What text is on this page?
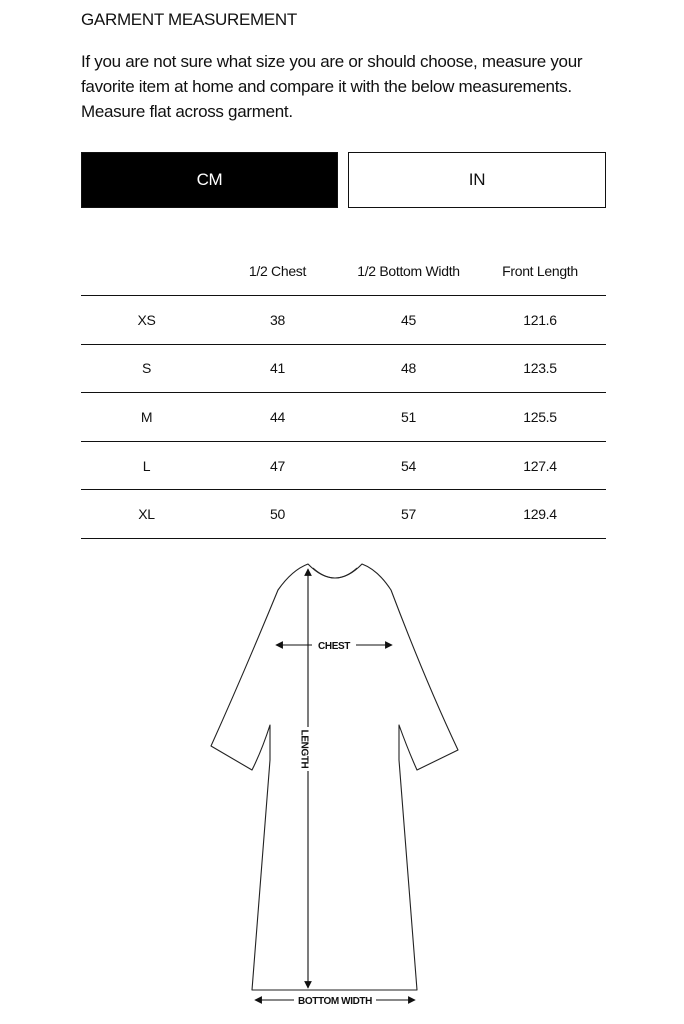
GARMENT MEASUREMENT
If you are not sure what size you are or should choose, measure your favorite item at home and compare it with the below measurements. Measure flat across garment.
CM	IN
	1/2 Chest	1/2 Bottom Width	Front Length
XS	38	45	121.6
S	41	48	123.5
M	44	51	125.5
L	47	54	127.4
XL	50	57	129.4
LENGTH
CHEST
BOTTOM WIDTH
